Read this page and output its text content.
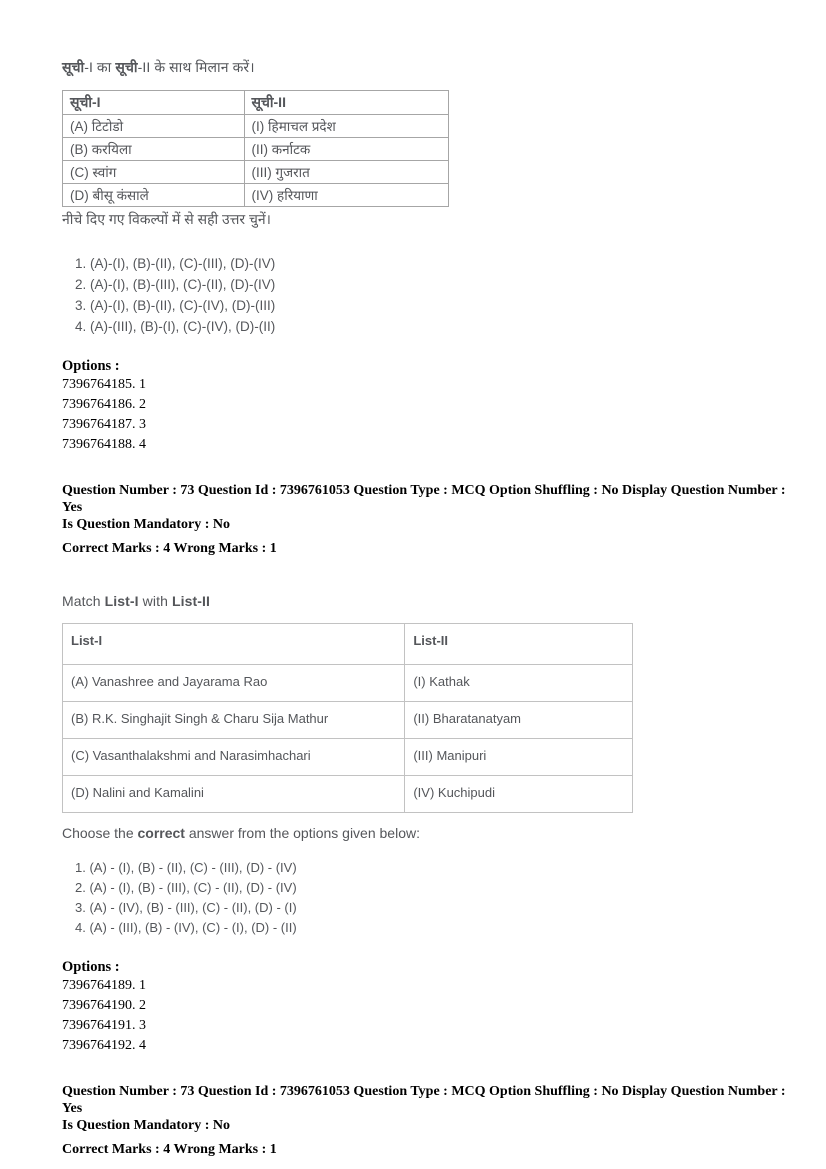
सूची-I का सूची-II के साथ मिलान करें।
सूची-I	सूची-II
(A) टिटोडो	(I) हिमाचल प्रदेश
(B) करयिला	(II) कर्नाटक
(C) स्वांग	(III) गुजरात
(D) बीसू कंसाले	(IV) हरियाणा
नीचे दिए गए विकल्पों में से सही उत्तर चुनें।
1. (A)-(I), (B)-(II), (C)-(III), (D)-(IV)
2. (A)-(I), (B)-(III), (C)-(II), (D)-(IV)
3. (A)-(I), (B)-(II), (C)-(IV), (D)-(III)
4. (A)-(III), (B)-(I), (C)-(IV), (D)-(II)
Options :
7396764185. 1
7396764186. 2
7396764187. 3
7396764188. 4
Question Number : 73 Question Id : 7396761053 Question Type : MCQ Option Shuffling : No Display Question Number : Yes
Is Question Mandatory : No
Correct Marks : 4 Wrong Marks : 1
Match List-I with List-II
List-I	List-II
(A) Vanashree and Jayarama Rao	(I) Kathak
(B) R.K. Singhajit Singh & Charu Sija Mathur	(II) Bharatanatyam
(C) Vasanthalakshmi and Narasimhachari	(III) Manipuri
(D) Nalini and Kamalini	(IV) Kuchipudi
Choose the correct answer from the options given below:
1. (A) - (I), (B) - (II), (C) - (III), (D) - (IV)
2. (A) - (I), (B) - (III), (C) - (II), (D) - (IV)
3. (A) - (IV), (B) - (III), (C) - (II), (D) - (I)
4. (A) - (III), (B) - (IV), (C) - (I), (D) - (II)
Options :
7396764189. 1
7396764190. 2
7396764191. 3
7396764192. 4
Question Number : 73 Question Id : 7396761053 Question Type : MCQ Option Shuffling : No Display Question Number : Yes
Is Question Mandatory : No
Correct Marks : 4 Wrong Marks : 1
